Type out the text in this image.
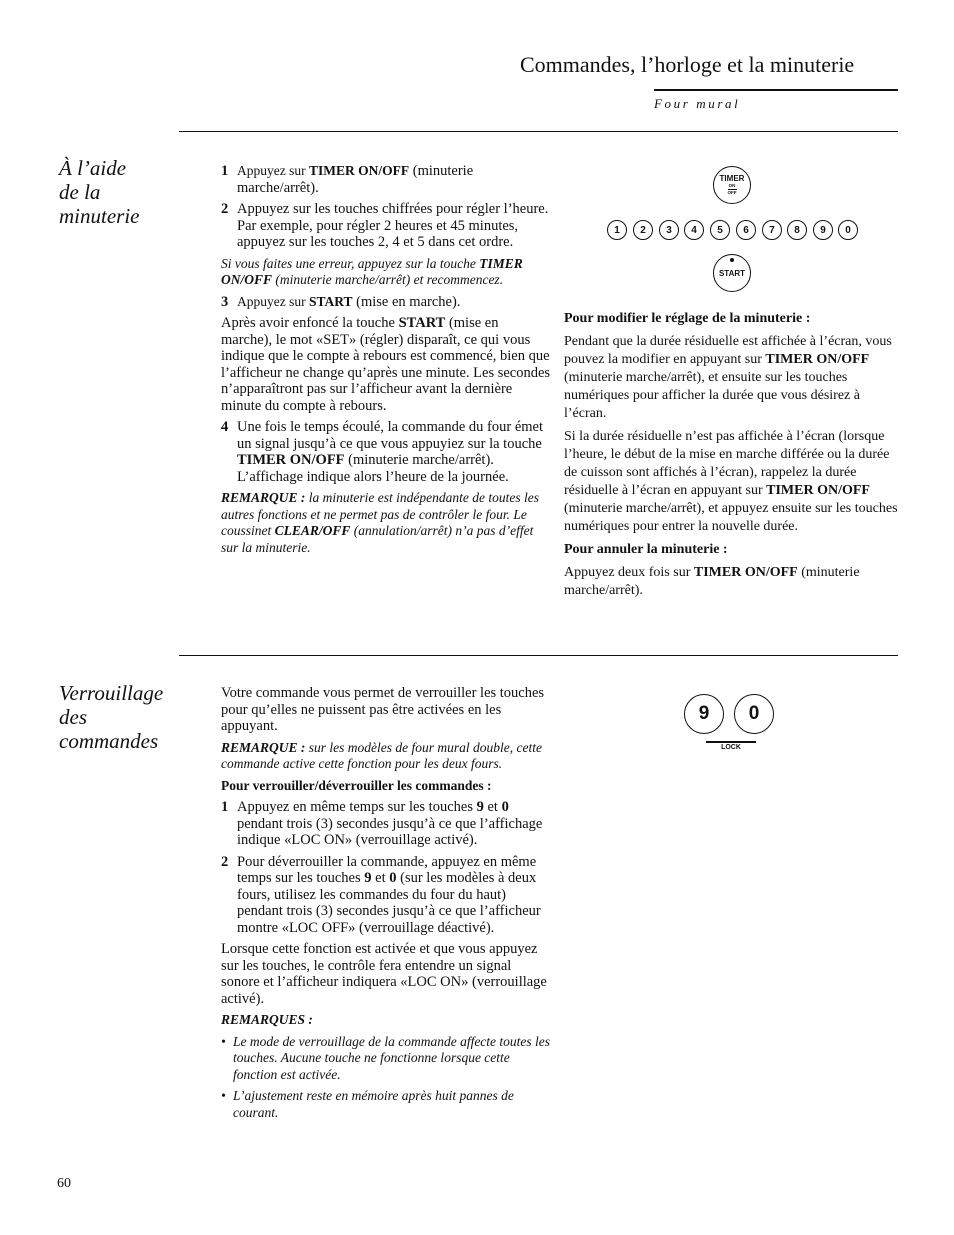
Commandes, l’horloge et la minuterie
Four mural
À l’aide
de la
minuterie
1 Appuyez sur TIMER ON/OFF (minuterie marche/arrêt).
2 Appuyez sur les touches chiffrées pour régler l’heure. Par exemple, pour régler 2 heures et 45 minutes, appuyez sur les touches 2, 4 et 5 dans cet ordre.

Si vous faites une erreur, appuyez sur la touche TIMER ON/OFF (minuterie marche/arrêt) et recommencez.

3 Appuyez sur START (mise en marche).

Après avoir enfoncé la touche START (mise en marche), le mot «SET» (régler) disparaît, ce qui vous indique que le compte à rebours est commencé, bien que l’afficheur ne change qu’après une minute. Les secondes n’apparaîtront pas sur l’afficheur avant la dernière minute du compte à rebours.

4 Une fois le temps écoulé, la commande du four émet un signal jusqu’à ce que vous appuyiez sur la touche TIMER ON/OFF (minuterie marche/arrêt). L’affichage indique alors l’heure de la journée.

REMARQUE : la minuterie est indépendante de toutes les autres fonctions et ne permet pas de contrôler le four. Le coussinet CLEAR/OFF (annulation/arrêt) n’a pas d’effet sur la minuterie.

TIMER
ON
OFF
1	2	3	4	5	6	7	8	9	0
START

Pour modifier le réglage de la minuterie :

Pendant que la durée résiduelle est affichée à l’écran, vous pouvez la modifier en appuyant sur TIMER ON/OFF (minuterie marche/arrêt), et ensuite sur les touches numériques pour afficher la durée que vous désirez à l’écran.

Si la durée résiduelle n’est pas affichée à l’écran (lorsque l’heure, le début de la mise en marche différée ou la durée de cuisson sont affichés à l’écran), rappelez la durée résiduelle à l’écran en appuyant sur TIMER ON/OFF (minuterie marche/arrêt), et appuyez ensuite sur les touches numériques pour entrer la nouvelle durée.

Pour annuler la minuterie :

Appuyez deux fois sur TIMER ON/OFF (minuterie marche/arrêt).

Verrouillage
des
commandes

Votre commande vous permet de verrouiller les touches pour qu’elles ne puissent pas être activées en les appuyant.

REMARQUE : sur les modèles de four mural double, cette commande active cette fonction pour les deux fours.

Pour verrouiller/déverrouiller les commandes :

1 Appuyez en même temps sur les touches 9 et 0 pendant trois (3) secondes jusqu’à ce que l’affichage indique «LOC ON» (verrouillage activé).
2 Pour déverrouiller la commande, appuyez en même temps sur les touches 9 et 0 (sur les modèles à deux fours, utilisez les commandes du four du haut) pendant trois (3) secondes jusqu’à ce que l’afficheur montre «LOC OFF» (verrouillage déactivé).

Lorsque cette fonction est activée et que vous appuyez sur les touches, le contrôle fera entendre un signal sonore et l’afficheur indiquera «LOC ON» (verrouillage activé).

REMARQUES :

• Le mode de verrouillage de la commande affecte toutes les touches. Aucune touche ne fonctionne lorsque cette fonction est activée.
• L’ajustement reste en mémoire après huit pannes de courant.
9	0
LOCK
60
